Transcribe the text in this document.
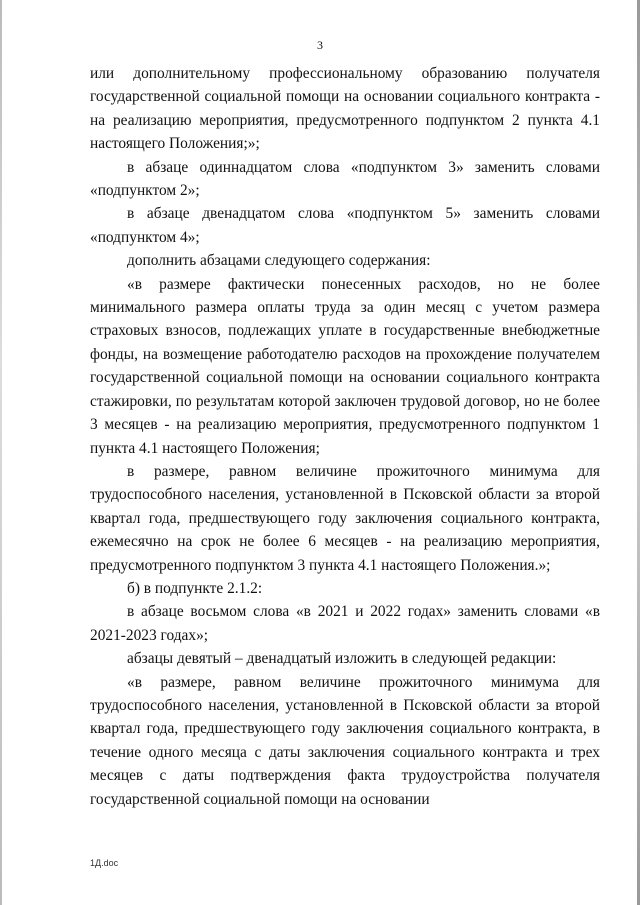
3

или дополнительному профессиональному образованию получателя государственной социальной помощи на основании социального контракта - на реализацию мероприятия, предусмотренного подпунктом 2 пункта 4.1 настоящего Положения;»;

в абзаце одиннадцатом слова «подпунктом 3» заменить словами «подпунктом 2»;

в абзаце двенадцатом слова «подпунктом 5» заменить словами «подпунктом 4»;

дополнить абзацами следующего содержания:

«в размере фактически понесенных расходов, но не более минимального размера оплаты труда за один месяц с учетом размера страховых взносов, подлежащих уплате в государственные внебюджетные фонды, на возмещение работодателю расходов на прохождение получателем государственной социальной помощи на основании социального контракта стажировки, по результатам которой заключен трудовой договор, но не более 3 месяцев - на реализацию мероприятия, предусмотренного подпунктом 1 пункта 4.1 настоящего Положения;

в размере, равном величине прожиточного минимума для трудоспособного населения, установленной в Псковской области за второй квартал года, предшествующего году заключения социального контракта, ежемесячно на срок не более 6 месяцев - на реализацию мероприятия, предусмотренного подпунктом 3 пункта 4.1 настоящего Положения.»;

б) в подпункте 2.1.2:

в абзаце восьмом слова «в 2021 и 2022 годах» заменить словами «в 2021-2023 годах»;

абзацы девятый – двенадцатый изложить в следующей редакции:

«в размере, равном величине прожиточного минимума для трудоспособного населения, установленной в Псковской области за второй квартал года, предшествующего году заключения социального контракта, в течение одного месяца с даты заключения социального контракта и трех месяцев с даты подтверждения факта трудоустройства получателя государственной социальной помощи на основании

1Д.doc
